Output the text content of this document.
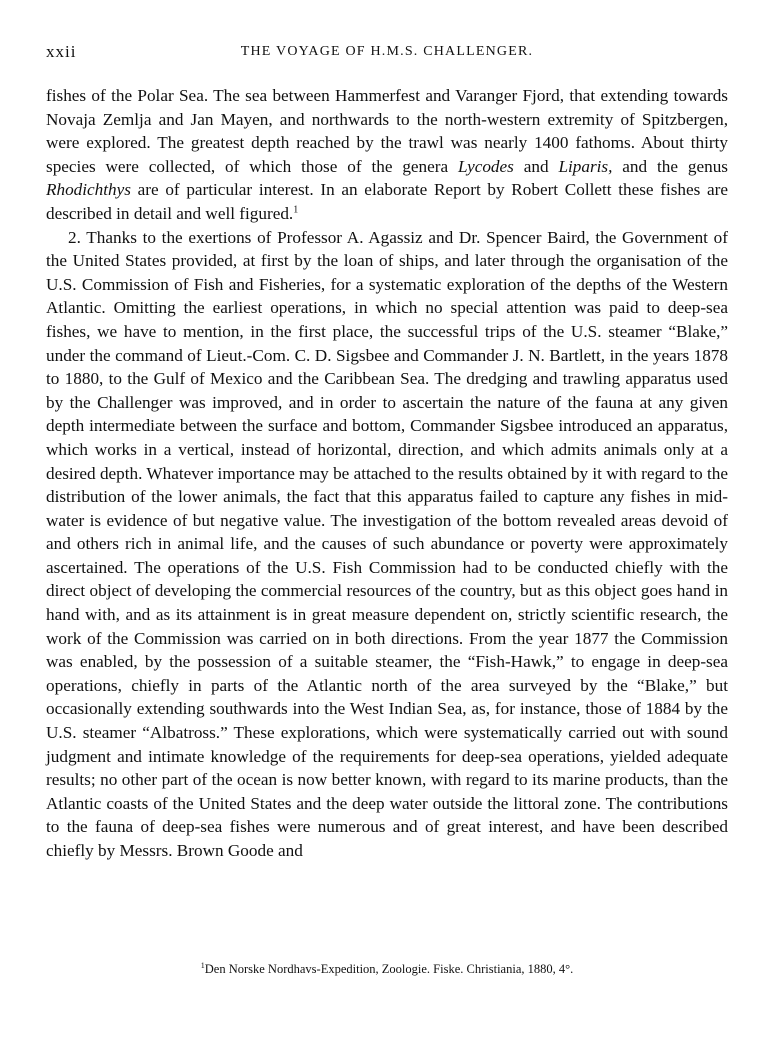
xxii	THE VOYAGE OF H.M.S. CHALLENGER.

fishes of the Polar Sea. The sea between Hammerfest and Varanger Fjord, that extending towards Novaja Zemlja and Jan Mayen, and northwards to the north-western extremity of Spitzbergen, were explored. The greatest depth reached by the trawl was nearly 1400 fathoms. About thirty species were collected, of which those of the genera Lycodes and Liparis, and the genus Rhodichthys are of particular interest. In an elaborate Report by Robert Collett these fishes are described in detail and well figured.$^1$

2. Thanks to the exertions of Professor A. Agassiz and Dr. Spencer Baird, the Government of the United States provided, at first by the loan of ships, and later through the organisation of the U.S. Commission of Fish and Fisheries, for a systematic exploration of the depths of the Western Atlantic. Omitting the earliest operations, in which no special attention was paid to deep-sea fishes, we have to mention, in the first place, the successful trips of the U.S. steamer “Blake,” under the command of Lieut.-Com. C. D. Sigsbee and Commander J. N. Bartlett, in the years 1878 to 1880, to the Gulf of Mexico and the Caribbean Sea. The dredging and trawling apparatus used by the Challenger was improved, and in order to ascertain the nature of the fauna at any given depth intermediate between the surface and bottom, Commander Sigsbee introduced an apparatus, which works in a vertical, instead of horizontal, direction, and which admits animals only at a desired depth. Whatever importance may be attached to the results obtained by it with regard to the distribution of the lower animals, the fact that this apparatus failed to capture any fishes in mid-water is evidence of but negative value. The investigation of the bottom revealed areas devoid of and others rich in animal life, and the causes of such abundance or poverty were approximately ascertained. The operations of the U.S. Fish Commission had to be conducted chiefly with the direct object of developing the commercial resources of the country, but as this object goes hand in hand with, and as its attainment is in great measure dependent on, strictly scientific research, the work of the Commission was carried on in both directions. From the year 1877 the Commission was enabled, by the possession of a suitable steamer, the “Fish-Hawk,” to engage in deep-sea operations, chiefly in parts of the Atlantic north of the area surveyed by the “Blake,” but occasionally extending southwards into the West Indian Sea, as, for instance, those of 1884 by the U.S. steamer “Albatross.” These explorations, which were systematically carried out with sound judgment and intimate knowledge of the requirements for deep-sea operations, yielded adequate results; no other part of the ocean is now better known, with regard to its marine products, than the Atlantic coasts of the United States and the deep water outside the littoral zone. The contributions to the fauna of deep-sea fishes were numerous and of great interest, and have been described chiefly by Messrs. Brown Goode and

$^1$Den Norske Nordhavs-Expedition, Zoologie. Fiske. Christiania, 1880, 4°.
